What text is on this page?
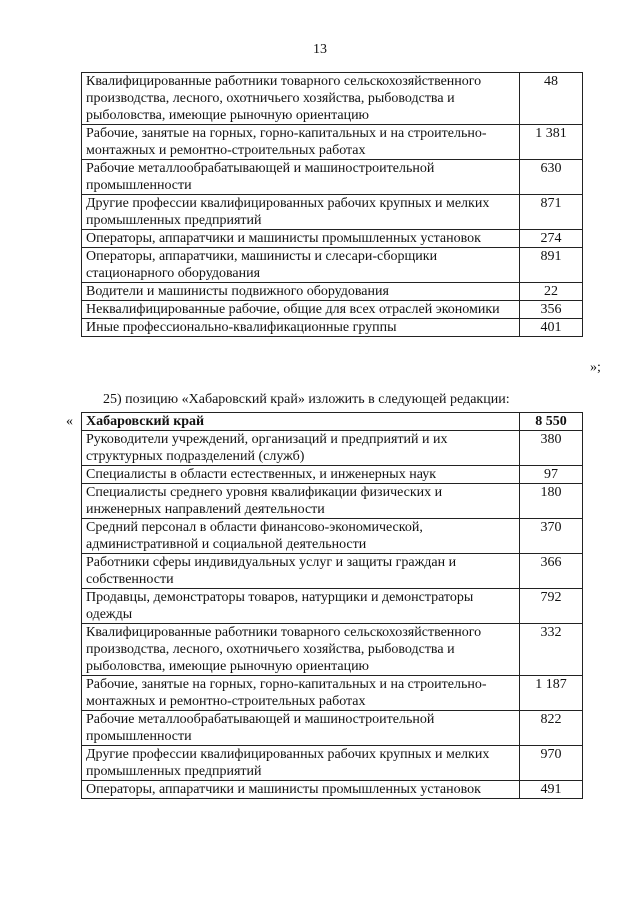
13
Квалифицированные работники товарного сельскохозяйственного производства, лесного, охотничьего хозяйства, рыбоводства и рыболовства, имеющие рыночную ориентацию	48
Рабочие, занятые на горных, горно-капитальных и на строительно-монтажных и ремонтно-строительных работах	1 381
Рабочие металлообрабатывающей и машиностроительной промышленности	630
Другие профессии квалифицированных рабочих крупных и мелких промышленных предприятий	871
Операторы, аппаратчики и машинисты промышленных установок	274
Операторы, аппаратчики, машинисты и слесари-сборщики стационарного оборудования	891
Водители и машинисты подвижного оборудования	22
Неквалифицированные рабочие, общие для всех отраслей экономики	356
Иные профессионально-квалификационные группы	401
»;
25) позицию «Хабаровский край» изложить в следующей редакции:
« Хабаровский край	8 550
Руководители учреждений, организаций и предприятий и их структурных подразделений (служб)	380
Специалисты в области естественных, и инженерных наук	97
Специалисты среднего уровня квалификации физических и инженерных направлений деятельности	180
Средний персонал в области финансово-экономической, административной и социальной деятельности	370
Работники сферы индивидуальных услуг и защиты граждан и собственности	366
Продавцы, демонстраторы товаров, натурщики и демонстраторы одежды	792
Квалифицированные работники товарного сельскохозяйственного производства, лесного, охотничьего хозяйства, рыбоводства и рыболовства, имеющие рыночную ориентацию	332
Рабочие, занятые на горных, горно-капитальных и на строительно-монтажных и ремонтно-строительных работах	1 187
Рабочие металлообрабатывающей и машиностроительной промышленности	822
Другие профессии квалифицированных рабочих крупных и мелких промышленных предприятий	970
Операторы, аппаратчики и машинисты промышленных установок	491
